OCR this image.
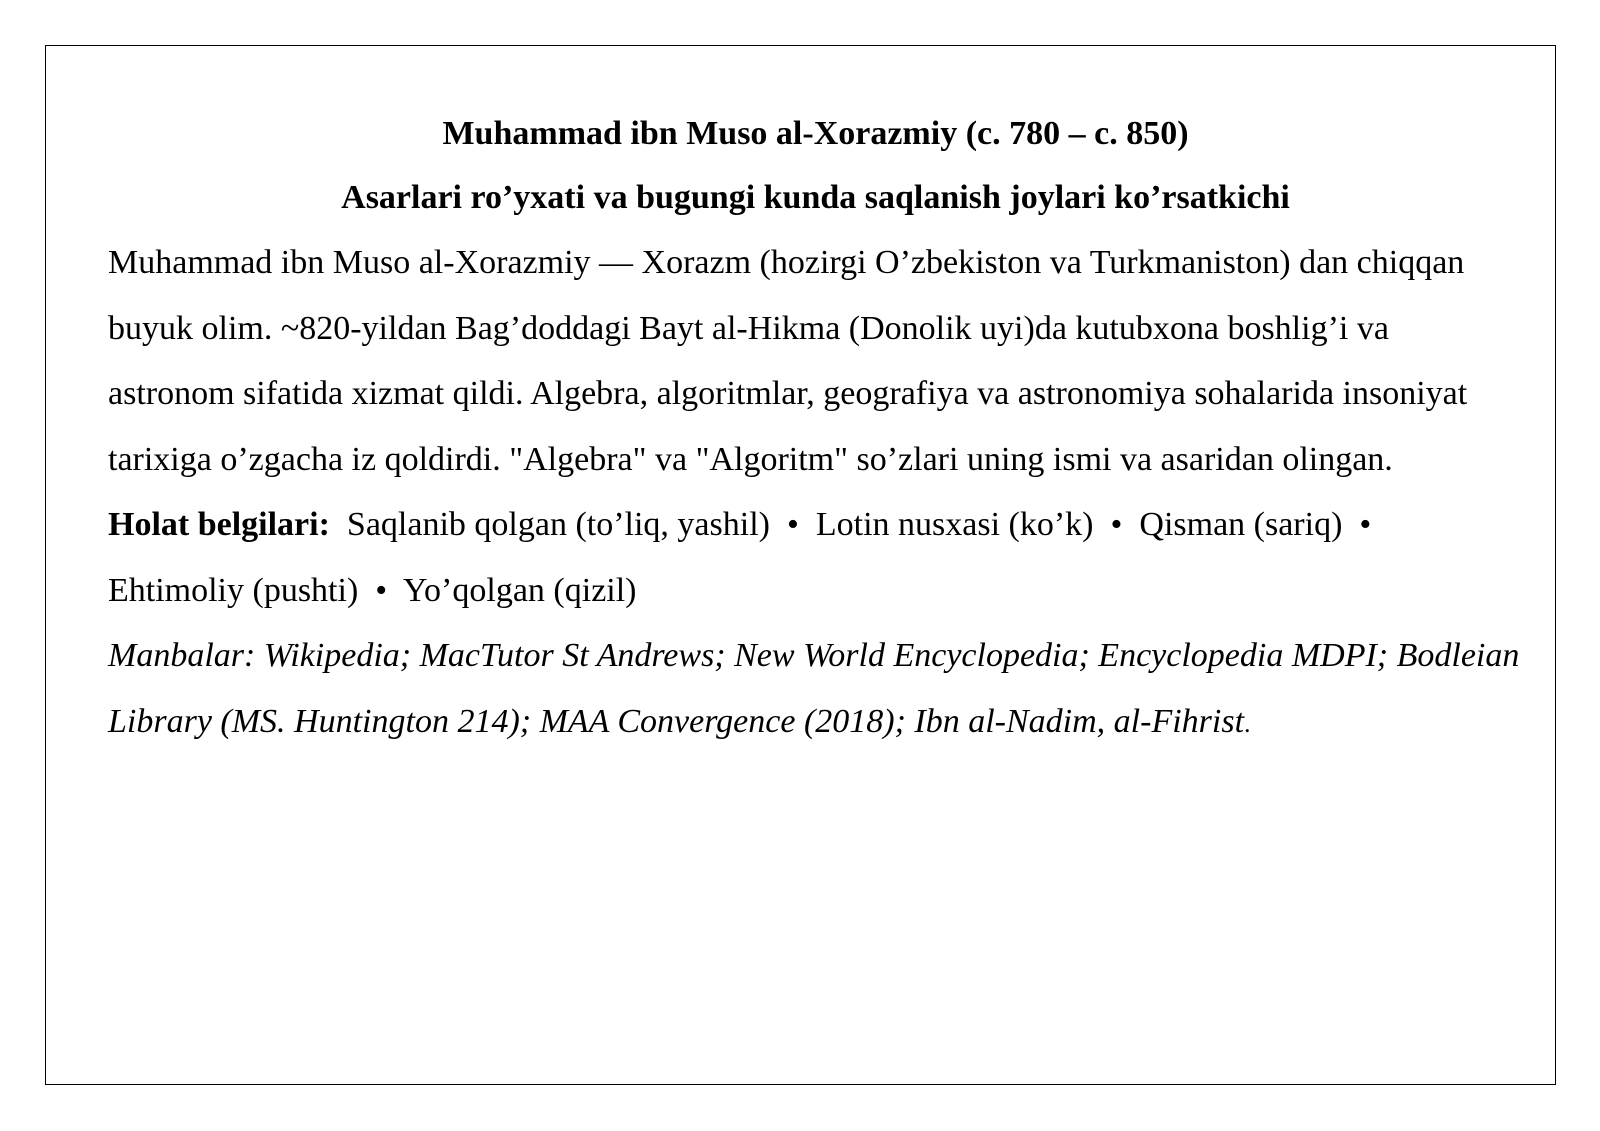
Muhammad ibn Muso al-Xorazmiy (c. 780 – c. 850)

Asarlari ro’yxati va bugungi kunda saqlanish joylari ko’rsatkichi

Muhammad ibn Muso al-Xorazmiy — Xorazm (hozirgi O’zbekiston va Turkmaniston) dan chiqqan buyuk olim. ~820-yildan Bag’doddagi Bayt al-Hikma (Donolik uyi)da kutubxona boshlig’i va astronom sifatida xizmat qildi. Algebra, algoritmlar, geografiya va astronomiya sohalarida insoniyat tarixiga o’zgacha iz qoldirdi. "Algebra" va "Algoritm" so’zlari uning ismi va asaridan olingan.

Holat belgilari: Saqlanib qolgan (to’liq, yashil)  •  Lotin nusxasi (ko’k)  •  Qisman (sariq)  •  Ehtimoliy (pushti)  •  Yo’qolgan (qizil)

Manbalar: Wikipedia; MacTutor St Andrews; New World Encyclopedia; Encyclopedia MDPI; Bodleian Library (MS. Huntington 214); MAA Convergence (2018); Ibn al-Nadim, al-Fihrist.
